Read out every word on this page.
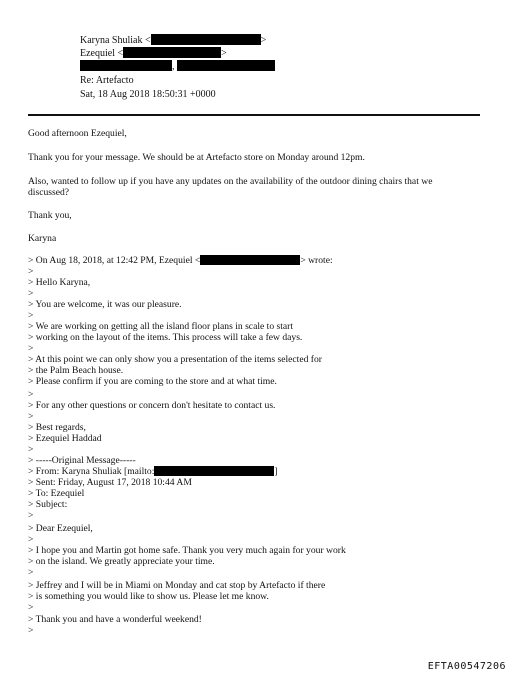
Karyna Shuliak <	>
Ezequiel <	>
,
Re: Artefacto
Sat, 18 Aug 2018 18:50:31 +0000
Good afternoon Ezequiel,
Thank you for your message. We should be at Artefacto store on Monday around 12pm.
Also, wanted to follow up if you have any updates on the availability of the outdoor dining chairs that we
discussed?
Thank you,
Karyna
> On Aug 18, 2018, at 12:42 PM, Ezequiel <	> wrote:
>
> Hello Karyna,
>
> You are welcome, it was our pleasure.
>
> We are working on getting all the island floor plans in scale to start
> working on the layout of the items. This process will take a few days.
>
> At this point we can only show you a presentation of the items selected for
> the Palm Beach house.
> Please confirm if you are coming to the store and at what time.
>
> For any other questions or concern don't hesitate to contact us.
>
> Best regards,
> Ezequiel Haddad
>
> -----Original Message-----
> From: Karyna Shuliak [mailto:	]
> Sent: Friday, August 17, 2018 10:44 AM
> To: Ezequiel
> Subject:
>
> Dear Ezequiel,
>
> I hope you and Martin got home safe. Thank you very much again for your work
> on the island. We greatly appreciate your time.
>
> Jeffrey and I will be in Miami on Monday and cat stop by Artefacto if there
> is something you would like to show us. Please let me know.
>
> Thank you and have a wonderful weekend!
>
EFTA00547206
